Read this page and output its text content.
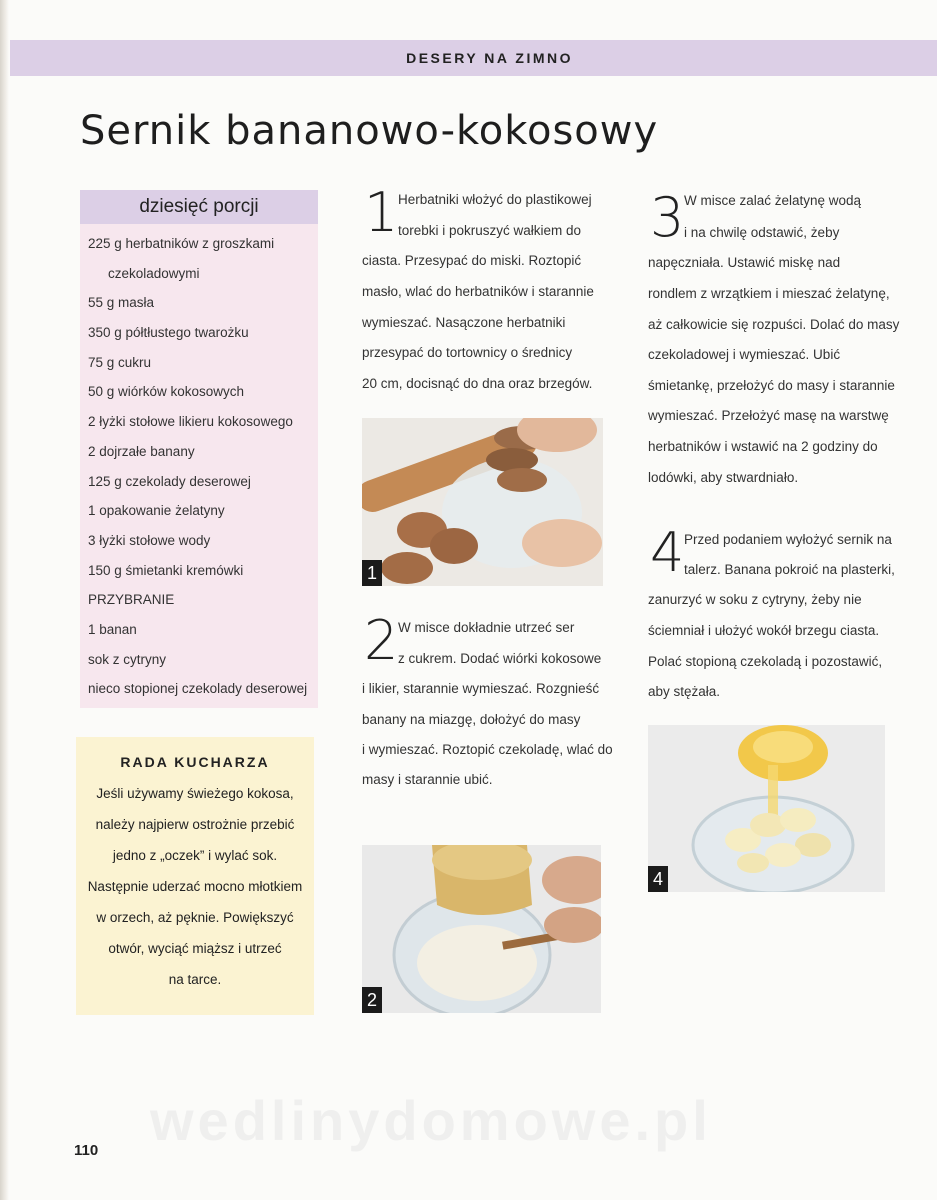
DESERY NA ZIMNO
Sernik bananowo-kokosowy
dziesięć porcji
225 g herbatników z groszkami
czekoladowymi
55 g masła
350 g półtłustego twarożku
75 g cukru
50 g wiórków kokosowych
2 łyżki stołowe likieru kokosowego
2 dojrzałe banany
125 g czekolady deserowej
1 opakowanie żelatyny
3 łyżki stołowe wody
150 g śmietanki kremówki
PRZYBRANIE
1 banan
sok z cytryny
nieco stopionej czekolady deserowej
RADA KUCHARZA
Jeśli używamy świeżego kokosa,
należy najpierw ostrożnie przebić
jedno z „oczek” i wylać sok.
Następnie uderzać mocno młotkiem
w orzech, aż pęknie. Powiększyć
otwór, wyciąć miąższ i utrzeć
na tarce.
1 Herbatniki włożyć do plastikowej
torebki i pokruszyć wałkiem do
ciasta. Przesypać do miski. Roztopić
masło, wlać do herbatników i starannie
wymieszać. Nasączone herbatniki
przesypać do tortownicy o średnicy
20 cm, docisnąć do dna oraz brzegów.
1
2 W misce dokładnie utrzeć ser
z cukrem. Dodać wiórki kokosowe
i likier, starannie wymieszać. Rozgnieść
banany na miazgę, dołożyć do masy
i wymieszać. Roztopić czekoladę, wlać do
masy i starannie ubić.
2
3 W misce zalać żelatynę wodą
i na chwilę odstawić, żeby
napęczniała. Ustawić miskę nad
rondlem z wrzątkiem i mieszać żelatynę,
aż całkowicie się rozpuści. Dolać do masy
czekoladowej i wymieszać. Ubić
śmietankę, przełożyć do masy i starannie
wymieszać. Przełożyć masę na warstwę
herbatników i wstawić na 2 godziny do
lodówki, aby stwardniało.
4 Przed podaniem wyłożyć sernik na
talerz. Banana pokroić na plasterki,
zanurzyć w soku z cytryny, żeby nie
ściemniał i ułożyć wokół brzegu ciasta.
Polać stopioną czekoladą i pozostawić,
aby stężała.
4
wedlinydomowe.pl
110
